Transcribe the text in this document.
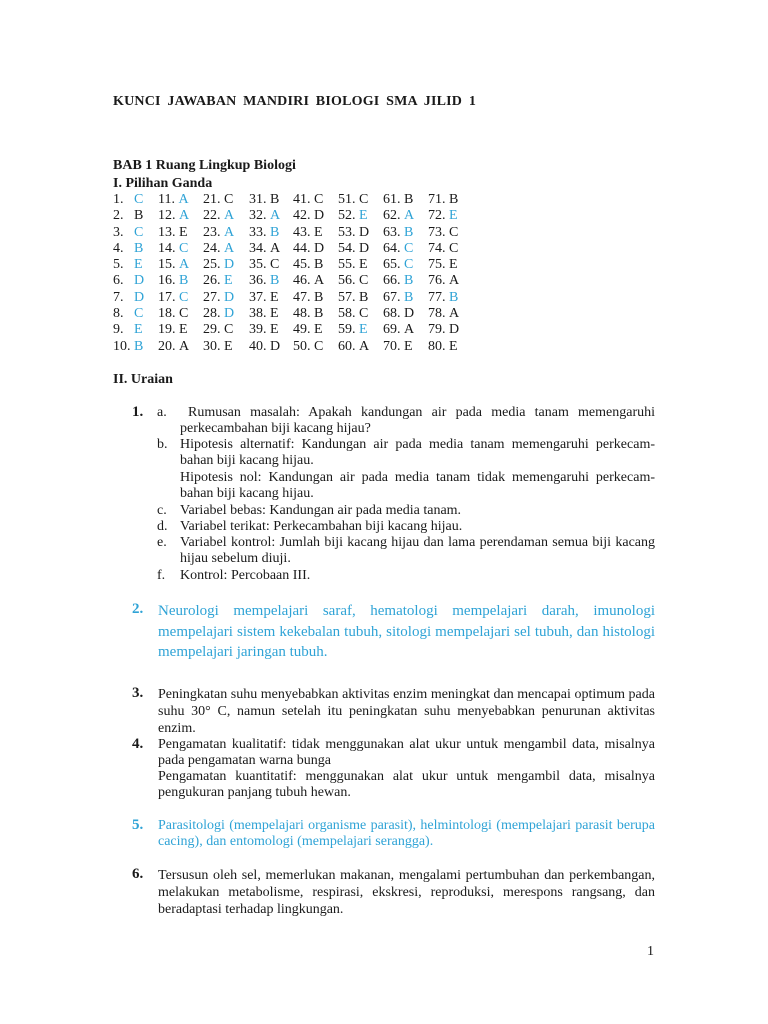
KUNCI JAWABAN MANDIRI BIOLOGI SMA JILID 1
BAB 1 Ruang Lingkup Biologi
I. Pilihan Ganda
1. C
2. B
3. C
4. B
5. E
6. D
7. D
8. C
9. E
10. B
11. A
12. A
13. E
14. C
15. A
16. B
17. C
18. C
19. E
20. A
21. C
22. A
23. A
24. A
25. D
26. E
27. D
28. D
29. C
30. E
31. B
32. A
33. B
34. A
35. C
36. B
37. E
38. E
39. E
40. D
41. C
42. D
43. E
44. D
45. B
46. A
47. B
48. B
49. E
50. C
51. C
52. E
53. D
54. D
55. E
56. C
57. B
58. C
59. E
60. A
61. B
62. A
63. B
64. C
65. C
66. B
67. B
68. D
69. A
70. E
71. B
72. E
73. C
74. C
75. E
76. A
77. B
78. A
79. D
80. E
II. Uraian
1. a.	Rumusan masalah: Apakah kandungan air pada media tanam memengaruhi perkecambahan biji kacang hijau?
b. Hipotesis alternatif: Kandungan air pada media tanam memengaruhi perkecam-bahan biji kacang hijau.
Hipotesis nol: Kandungan air pada media tanam tidak memengaruhi perkecam-bahan biji kacang hijau.
c. Variabel bebas: Kandungan air pada media tanam.
d. Variabel terikat: Perkecambahan biji kacang hijau.
e. Variabel kontrol: Jumlah biji kacang hijau dan lama perendaman semua biji kacang hijau sebelum diuji.
f. Kontrol: Percobaan III.
2. Neurologi mempelajari saraf, hematologi mempelajari darah, imunologi mempelajari sistem kekebalan tubuh, sitologi mempelajari sel tubuh, dan histologi mempelajari jaringan tubuh.
3. Peningkatan suhu menyebabkan aktivitas enzim meningkat dan mencapai optimum pada suhu 30° C, namun setelah itu peningkatan suhu menyebabkan penurunan aktivitas enzim.
4. Pengamatan kualitatif: tidak menggunakan alat ukur untuk mengambil data, misalnya pada pengamatan warna bunga
Pengamatan kuantitatif: menggunakan alat ukur untuk mengambil data, misalnya pengukuran panjang tubuh hewan.
5. Parasitologi (mempelajari organisme parasit), helmintologi (mempelajari parasit berupa cacing), dan entomologi (mempelajari serangga).
6. Tersusun oleh sel, memerlukan makanan, mengalami pertumbuhan dan perkembangan, melakukan metabolisme, respirasi, ekskresi, reproduksi, merespons rangsang, dan beradaptasi terhadap lingkungan.
1
